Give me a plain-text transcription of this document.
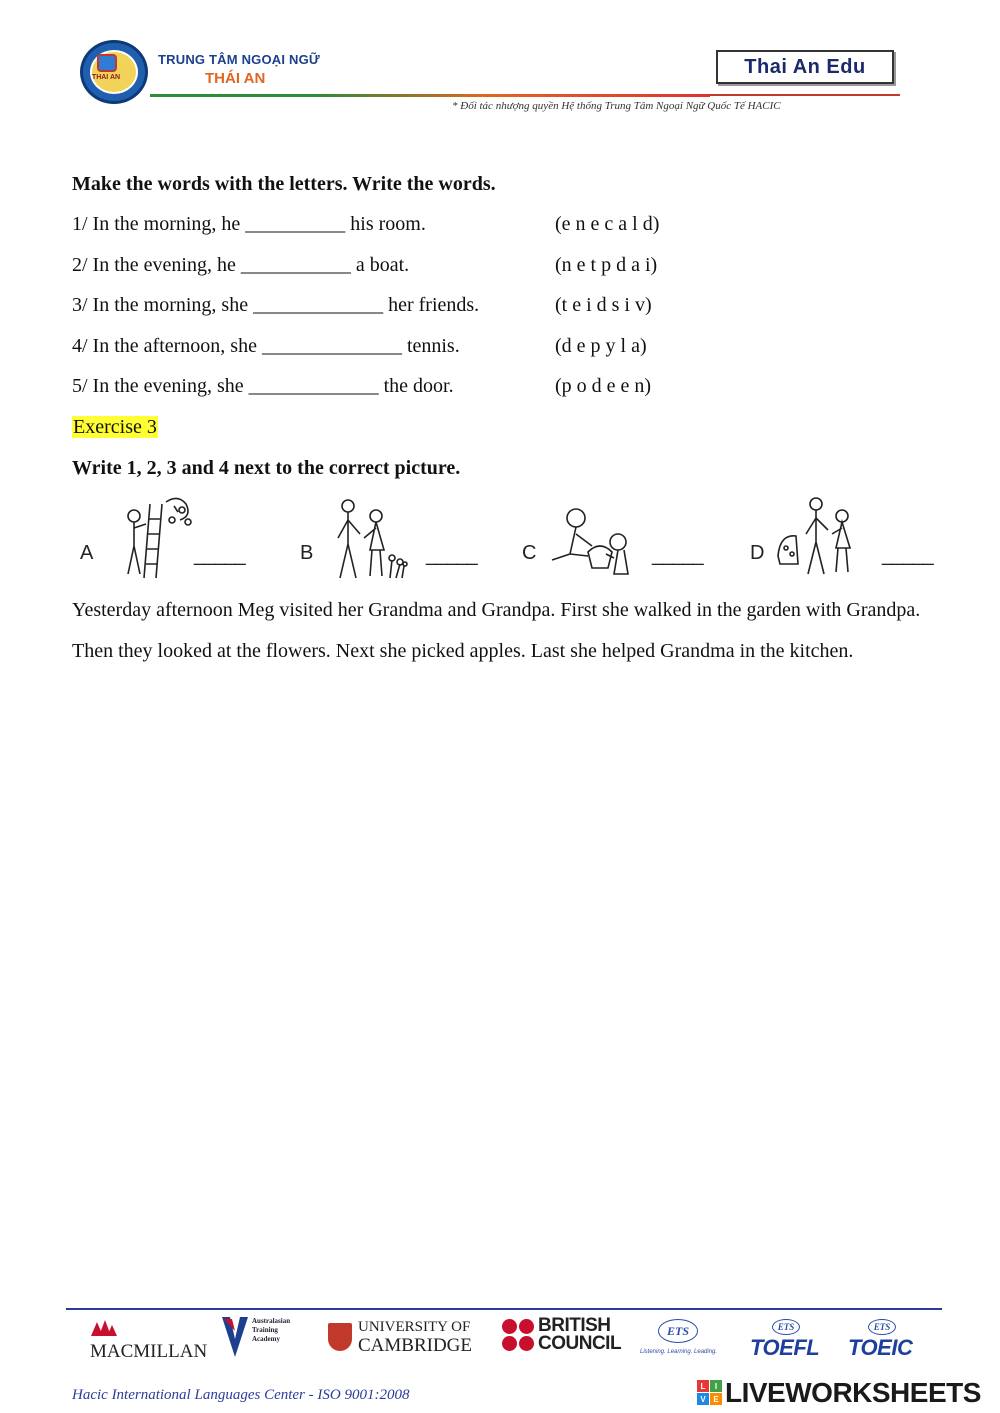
THAI AN
TRUNG TÂM NGOẠI NGỮ
THÁI AN
Thai An Edu
* Đối tác nhượng quyền Hệ thống Trung Tâm Ngoại Ngữ Quốc Tế HACIC
Make the words with the letters. Write the words.
1/ In the morning, he __________ his room.	(e n e c a l d)
2/ In the evening, he ___________ a boat.	(n e t p d a i)
3/ In the morning, she _____________ her friends.	(t e i d s i v)
4/ In the afternoon, she ______________ tennis.	(d e p y l a)
5/ In the evening, she _____________ the door.	(p o d e e n)
Exercise 3
Write 1, 2, 3 and 4 next to the correct picture.
A	_____	B	_____ C	_____ D	_____
Yesterday afternoon Meg visited her Grandma and Grandpa. First she walked in the garden with Grandpa. Then they looked at the flowers. Next she picked apples. Last she helped Grandma in the kitchen.
MACMILLAN
Australasian Training Academy
UNIVERSITY OF
CAMBRIDGE
BRITISH
COUNCIL
ETS
Listening. Learning. Leading.
ETS
TOEFL
ETS
TOEIC
Hacic International Languages Center - ISO 9001:2008
L	I
V E LIVEWORKSHEETS
